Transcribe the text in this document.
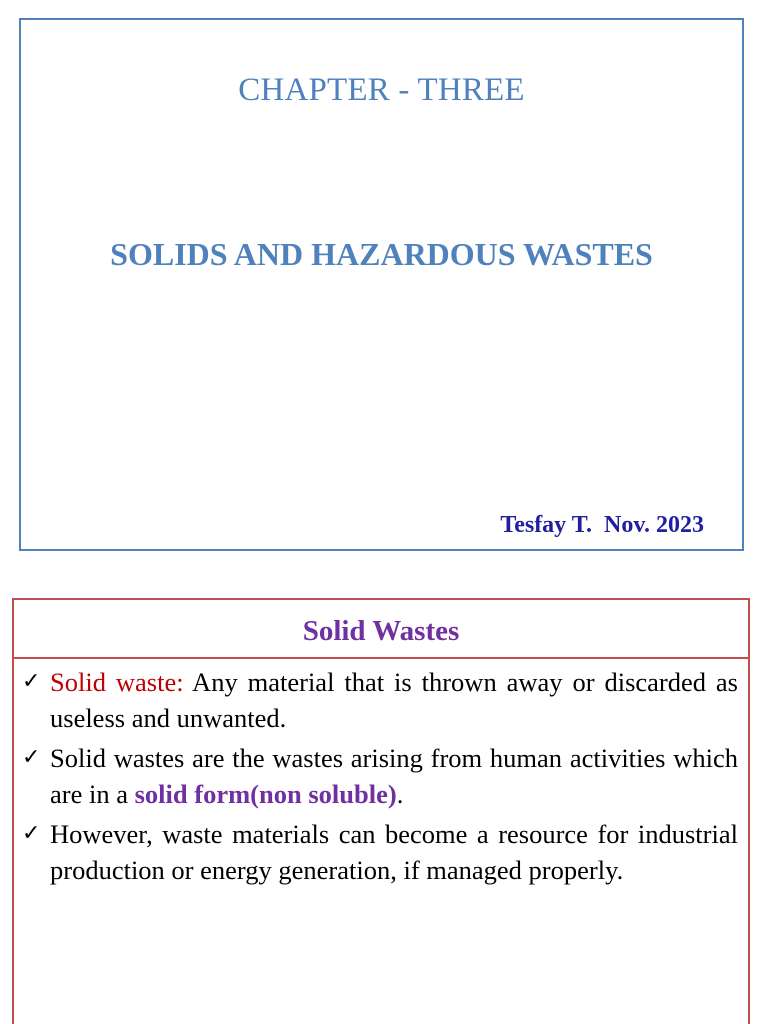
CHAPTER - THREE
SOLIDS AND HAZARDOUS WASTES
Tesfay T. Nov. 2023
Solid Wastes
✓ Solid waste: Any material that is thrown away or discarded as useless and unwanted.
✓ Solid wastes are the wastes arising from human activities which are in a solid form(non soluble).
✓ However, waste materials can become a resource for industrial production or energy generation, if managed properly.
